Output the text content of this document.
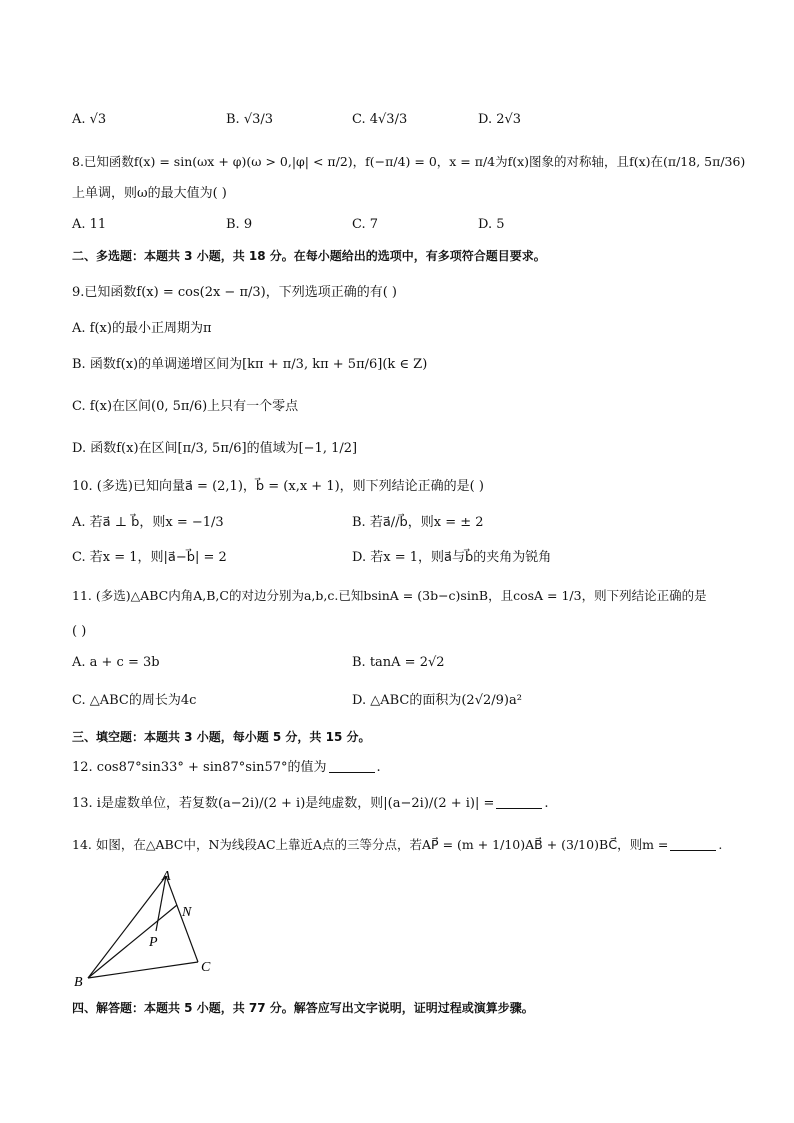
A. √3	B. √3/3	C. 4√3/3	D. 2√3
8.已知函数f(x) = sin(ωx + φ)(ω > 0,|φ| < π/2)，f(−π/4) = 0，x = π/4为f(x)图象的对称轴，且f(x)在(π/18, 5π/36)
上单调，则ω的最大值为( )
A. 11	B. 9	C. 7	D. 5
二、多选题：本题共 3 小题，共 18 分。在每小题给出的选项中，有多项符合题目要求。
9.已知函数f(x) = cos(2x − π/3)，下列选项正确的有( )
A. f(x)的最小正周期为π
B. 函数f(x)的单调递增区间为[kπ + π/3, kπ + 5π/6](k ∈ Z)
C. f(x)在区间(0, 5π/6)上只有一个零点
D. 函数f(x)在区间[π/3, 5π/6]的值域为[−1, 1/2]
10. (多选)已知向量a⃗ = (2,1)，b⃗ = (x,x + 1)，则下列结论正确的是( )
A. 若a⃗ ⊥ b⃗，则x = −1/3	B. 若a⃗//b⃗，则x = ± 2
C. 若x = 1，则|a⃗−b⃗| = 2	D. 若x = 1，则a⃗与b⃗的夹角为锐角
11. (多选)△ABC内角A,B,C的对边分别为a,b,c.已知bsinA = (3b−c)sinB，且cosA = 1/3，则下列结论正确的是
( )
A. a + c = 3b	B. tanA = 2√2
C. △ABC的周长为4c	D. △ABC的面积为(2√2/9)a²
三、填空题：本题共 3 小题，每小题 5 分，共 15 分。
12. cos87°sin33° + sin87°sin57°的值为	.
13. i是虚数单位，若复数(a−2i)/(2 + i)是纯虚数，则|(a−2i)/(2 + i)| =	.
14. 如图，在△ABC中，N为线段AC上靠近A点的三等分点，若AP⃗ = (m + 1/10)AB⃗ + (3/10)BC⃗，则m =	.
A
B
C
N
P
四、解答题：本题共 5 小题，共 77 分。解答应写出文字说明，证明过程或演算步骤。
